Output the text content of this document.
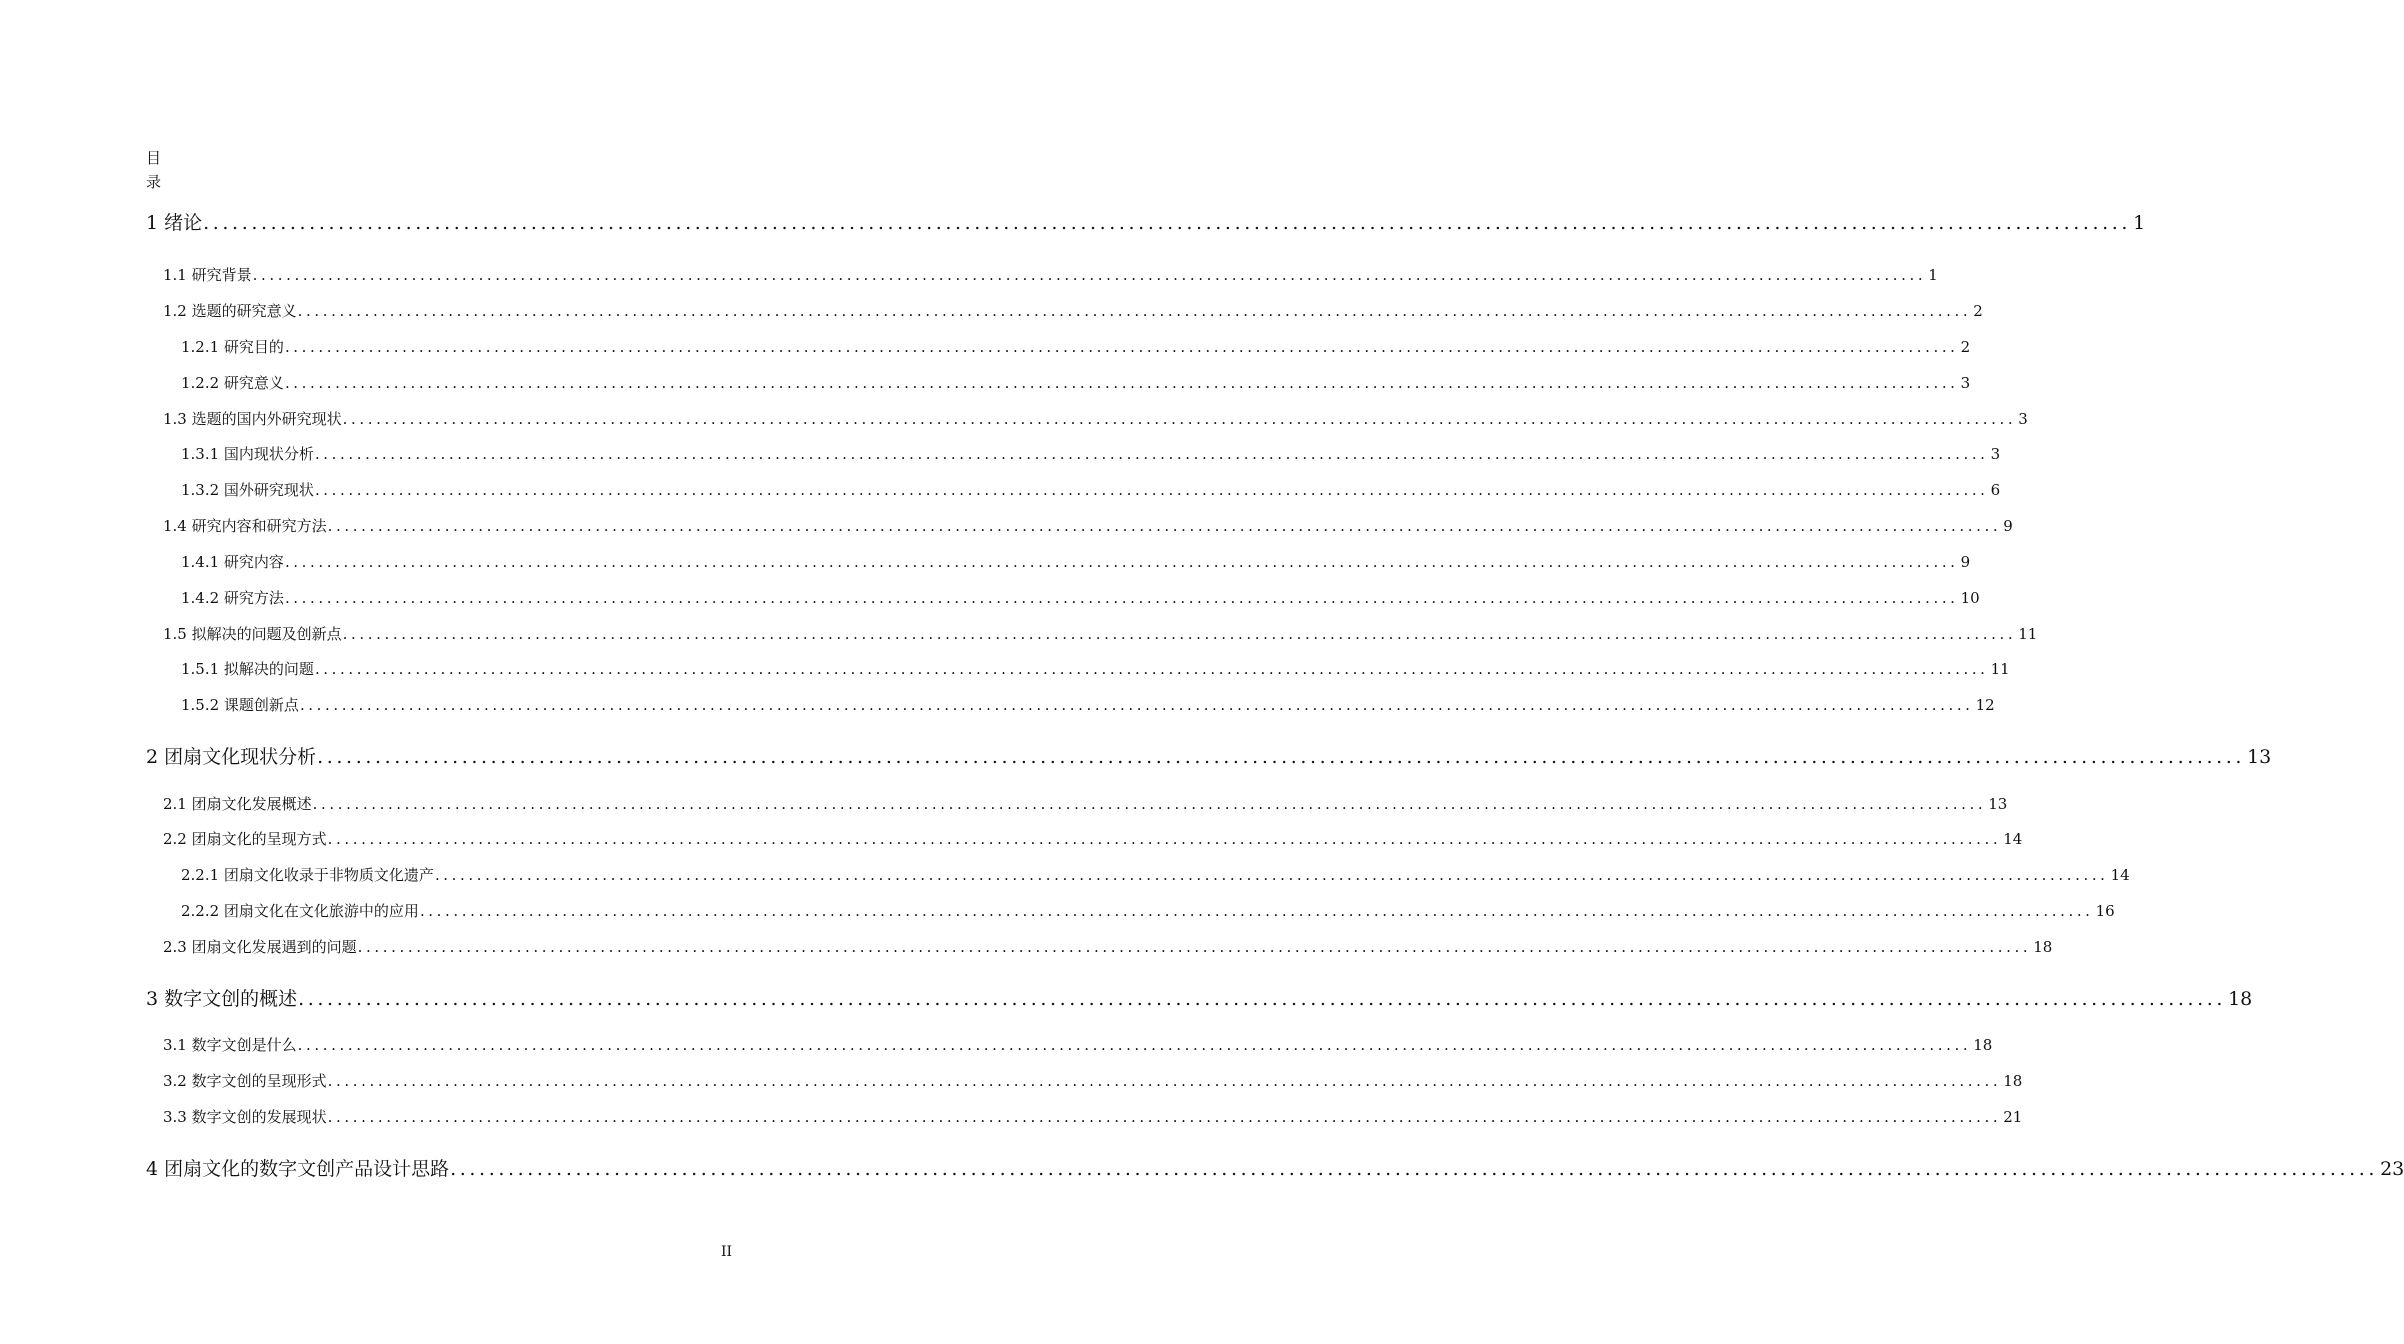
目
录
1 绪论 ........................................................................................................................................................................................................ 1
1.1 研究背景 ........................................................................................................................................................................................................ 1
1.2 选题的研究意义 ........................................................................................................................................................................................................ 2
1.2.1 研究目的 ........................................................................................................................................................................................................ 2
1.2.2 研究意义 ........................................................................................................................................................................................................ 3
1.3 选题的国内外研究现状 ........................................................................................................................................................................................................ 3
1.3.1 国内现状分析 ........................................................................................................................................................................................................ 3
1.3.2 国外研究现状 ........................................................................................................................................................................................................ 6
1.4 研究内容和研究方法 ........................................................................................................................................................................................................ 9
1.4.1 研究内容 ........................................................................................................................................................................................................ 9
1.4.2 研究方法 ........................................................................................................................................................................................................ 10
1.5 拟解决的问题及创新点 ........................................................................................................................................................................................................ 11
1.5.1 拟解决的问题 ........................................................................................................................................................................................................ 11
1.5.2 课题创新点 ........................................................................................................................................................................................................ 12
2 团扇文化现状分析 ........................................................................................................................................................................................................ 13
2.1 团扇文化发展概述 ........................................................................................................................................................................................................ 13
2.2 团扇文化的呈现方式 ........................................................................................................................................................................................................ 14
2.2.1 团扇文化收录于非物质文化遗产 ........................................................................................................................................................................................................ 14
2.2.2 团扇文化在文化旅游中的应用 ........................................................................................................................................................................................................ 16
2.3 团扇文化发展遇到的问题 ........................................................................................................................................................................................................ 18
3 数字文创的概述 ........................................................................................................................................................................................................ 18
3.1 数字文创是什么 ........................................................................................................................................................................................................ 18
3.2 数字文创的呈现形式 ........................................................................................................................................................................................................ 18
3.3 数字文创的发展现状 ........................................................................................................................................................................................................ 21
4 团扇文化的数字文创产品设计思路 ........................................................................................................................................................................................................ 23
II
